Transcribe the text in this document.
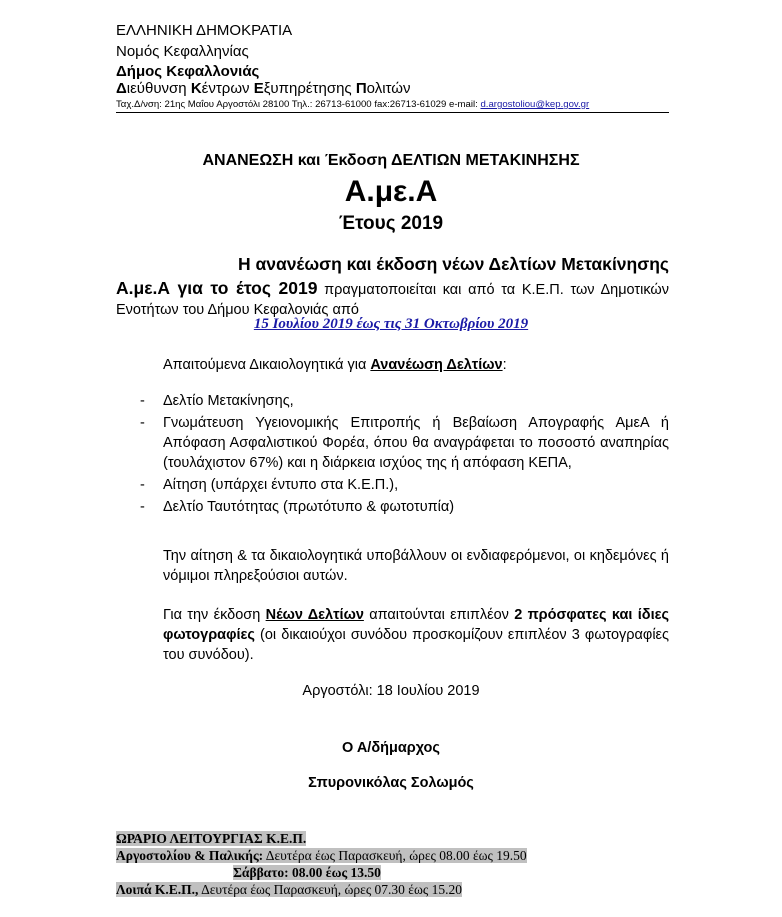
ΕΛΛΗΝΙΚΗ ΔΗΜΟΚΡΑΤΙΑ
Νομός Κεφαλληνίας
Δήμος Κεφαλλονιάς
Διεύθυνση Κέντρων Εξυπηρέτησης Πολιτών
Ταχ.Δ/νση: 21ης Μαΐου Αργοστόλι 28100 Τηλ.: 26713-61000 fax:26713-61029 e-mail: d.argostoliou@kep.gov.gr
ΑΝΑΝΕΩΣΗ και Έκδοση ΔΕΛΤΙΩΝ ΜΕΤΑΚΙΝΗΣΗΣ
Α.με.Α
Έτους 2019
Η ανανέωση και έκδοση νέων Δελτίων Μετακίνησης
Α.με.Α για το έτος 2019 πραγματοποιείται και από τα Κ.Ε.Π. των Δημοτικών Ενοτήτων του Δήμου Κεφαλονιάς από
15 Ιουλίου 2019 έως τις 31 Οκτωβρίου 2019
Απαιτούμενα Δικαιολογητικά για Ανανέωση Δελτίων:
- Δελτίο Μετακίνησης,
- Γνωμάτευση Υγειονομικής Επιτροπής ή Βεβαίωση Απογραφής ΑμεΑ ή Απόφαση Ασφαλιστικού Φορέα, όπου θα αναγράφεται το ποσοστό αναπηρίας (τουλάχιστον 67%) και η διάρκεια ισχύος της ή απόφαση ΚΕΠΑ,
- Αίτηση (υπάρχει έντυπο στα Κ.Ε.Π.),
- Δελτίο Ταυτότητας (πρωτότυπο & φωτοτυπία)
Την αίτηση & τα δικαιολογητικά υποβάλλουν οι ενδιαφερόμενοι, οι κηδεμόνες ή νόμιμοι πληρεξούσιοι αυτών.
Για την έκδοση Νέων Δελτίων απαιτούνται επιπλέον 2 πρόσφατες και ίδιες φωτογραφίες (οι δικαιούχοι συνόδου προσκομίζουν επιπλέον 3 φωτογραφίες του συνόδου).
Αργοστόλι: 18 Ιουλίου 2019
Ο Α/δήμαρχος
Σπυρονικόλας Σολωμός
ΩΡΑΡΙΟ ΛΕΙΤΟΥΡΓΙΑΣ Κ.Ε.Π.
Αργοστολίου & Παλικής: Δευτέρα έως Παρασκευή, ώρες 08.00 έως 19.50
Σάββατο: 08.00 έως 13.50
Λοιπά Κ.Ε.Π., Δευτέρα έως Παρασκευή, ώρες 07.30 έως 15.20
